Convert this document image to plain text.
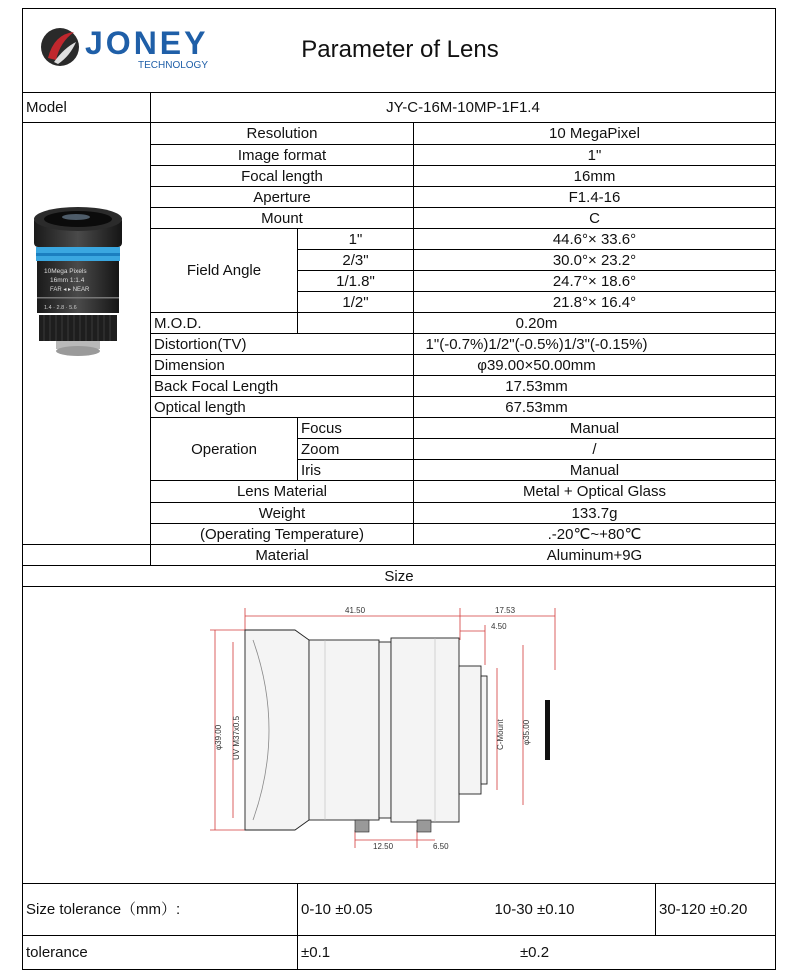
JONEY
TECHNOLOGY
Parameter of Lens
Model	JY-C-16M-10MP-1F1.4
10Mega Pixels
16mm 1:1.4
FAR ◂ ▸ NEAR
1.4 · 2.8 · 5.6
Resolution	10 MegaPixel
Image format	1"
Focal length	16mm
Aperture	F1.4-16
Mount	C
Field Angle
1"	44.6°× 33.6°
2/3"	30.0°× 23.2°
1/1.8"	24.7°× 18.6°
1/2"	21.8°× 16.4°
M.O.D.	0.20m
Distortion(TV)	1"(-0.7%)1/2"(-0.5%)1/3"(-0.15%)
Dimension	φ39.00×50.00mm
Back Focal Length	17.53mm
Optical length	67.53mm
Operation
Focus	Manual
Zoom	/
Iris	Manual
Lens Material	Metal + Optical Glass
Weight	133.7g
(Operating Temperature)	.-20℃~+80℃
Material	Aluminum+9G
Size
41.50	17.53
4.50
12.50	6.50
φ39.00 UV M37x0.5	C-Mount φ35.00
Size tolerance（mm）:	0-10 ±0.05	10-30 ±0.10	30-120 ±0.20
tolerance	±0.1	±0.2
